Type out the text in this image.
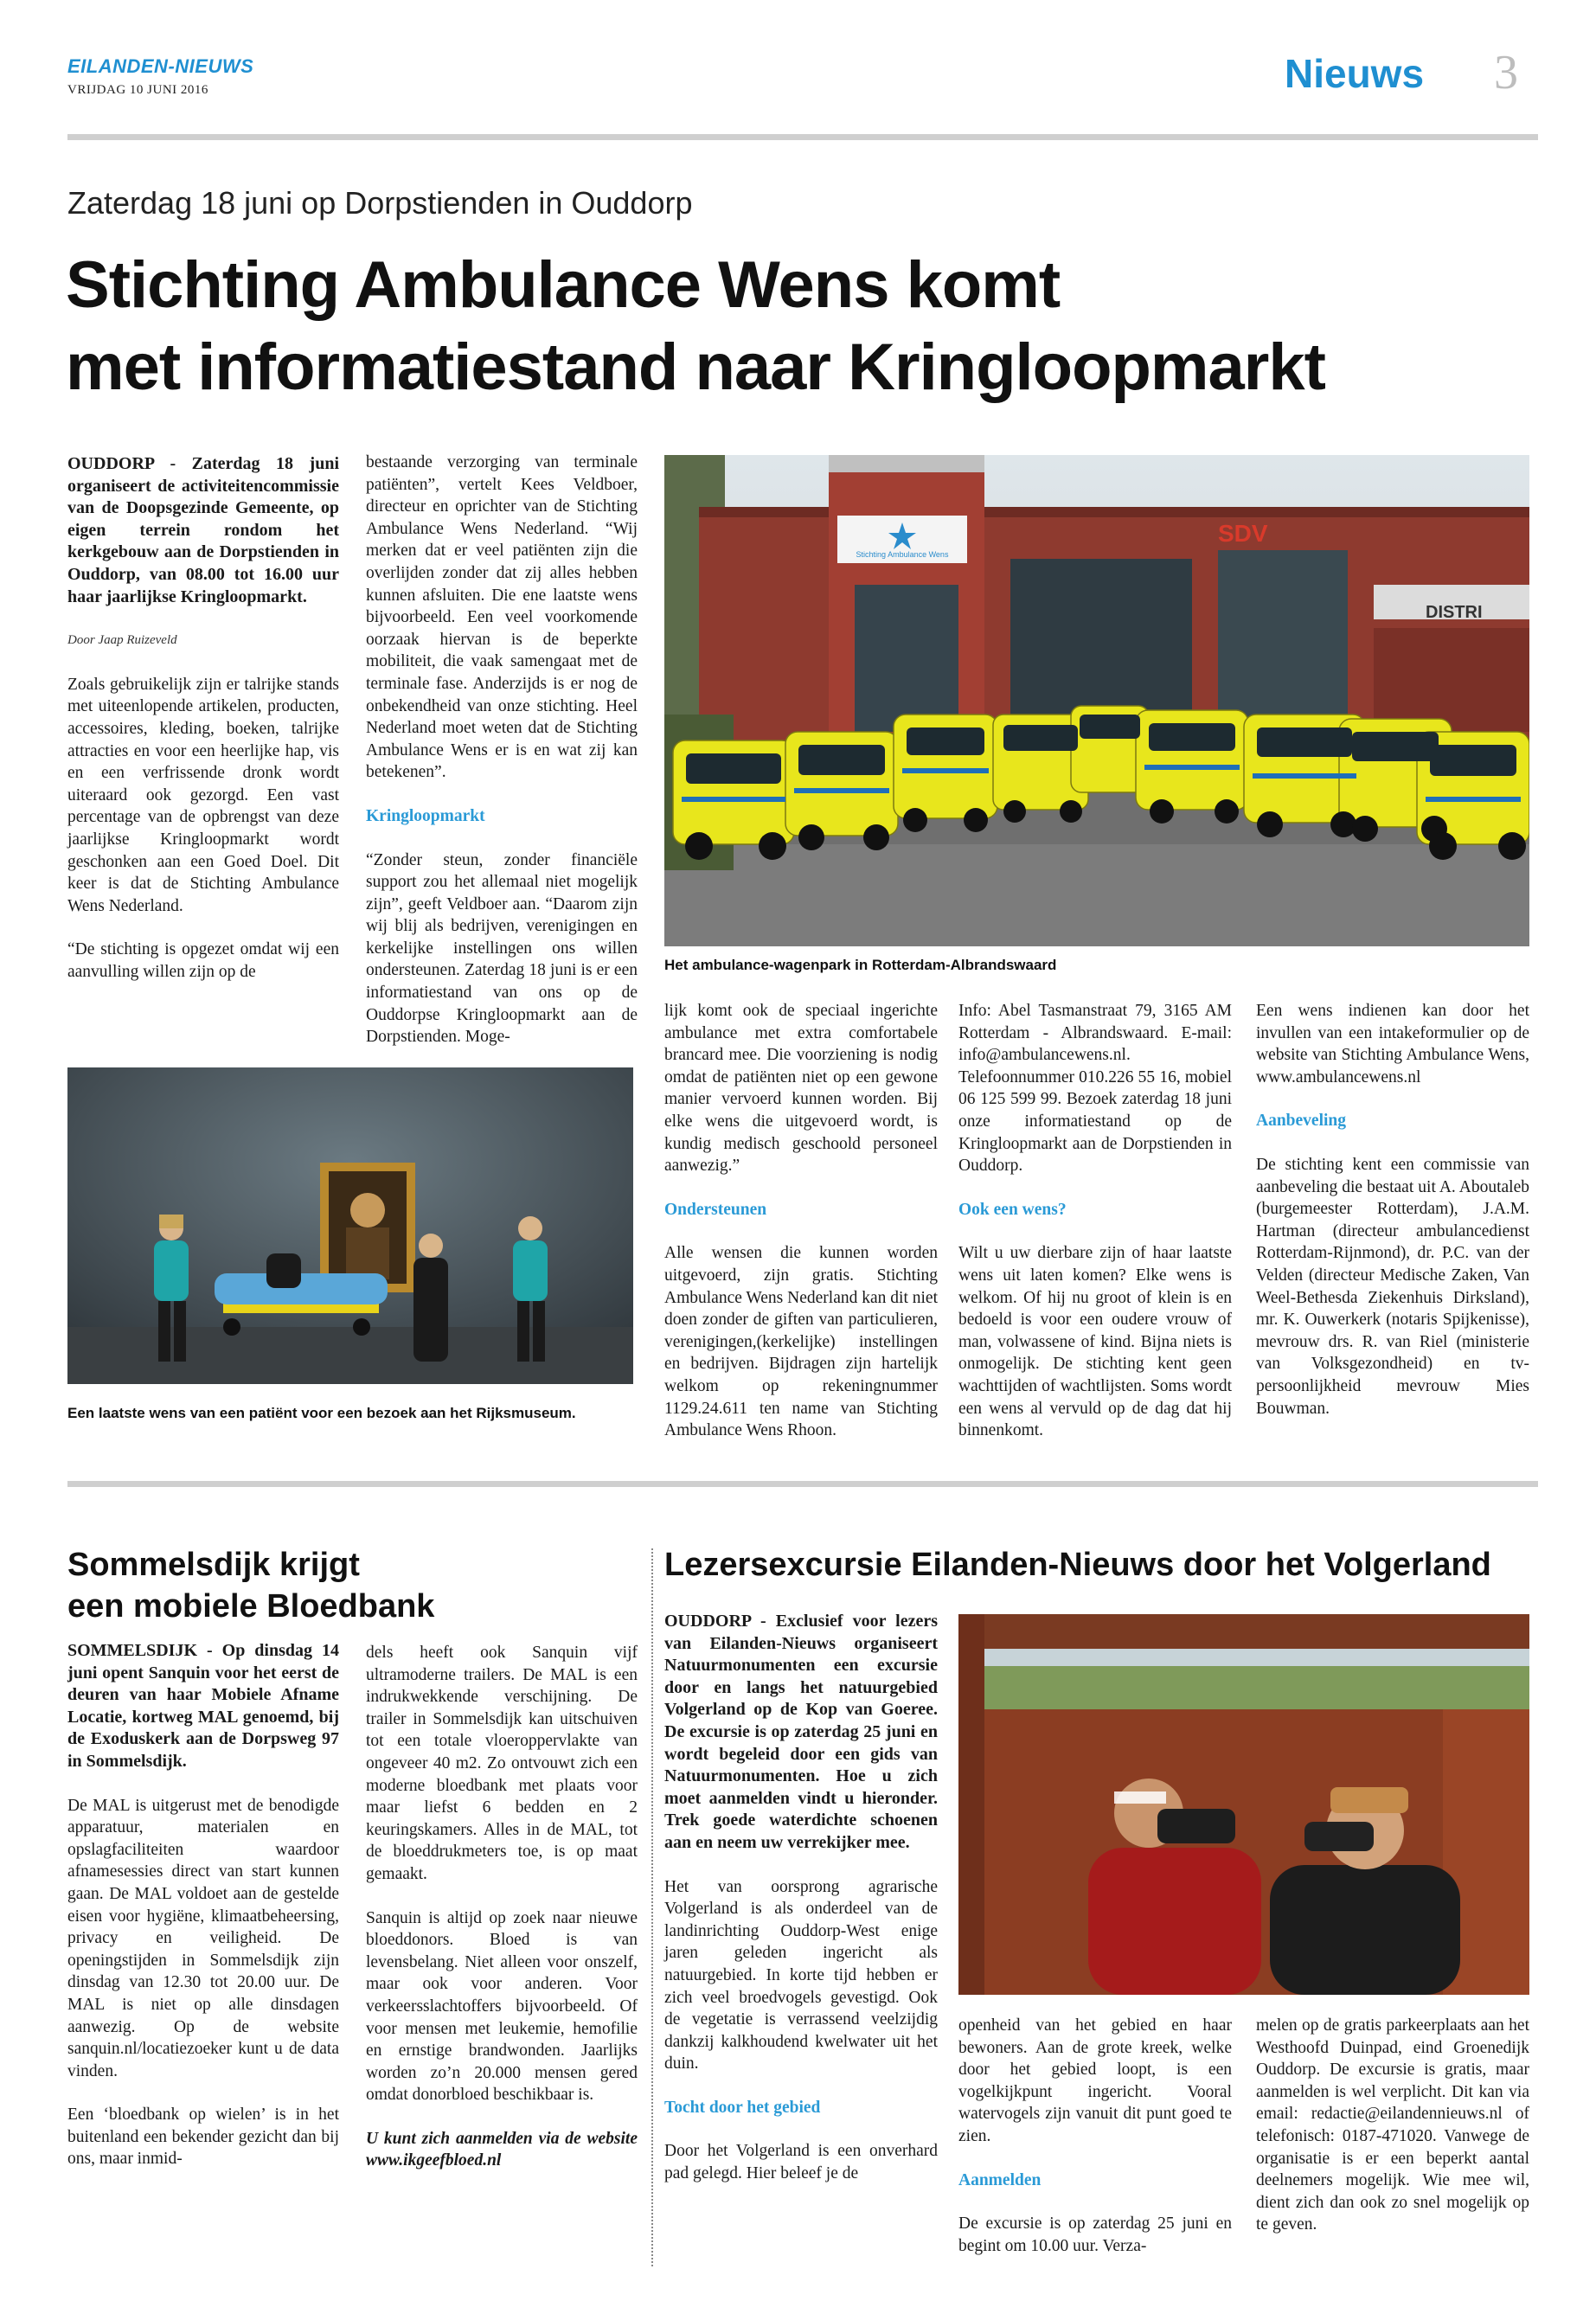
EILANDEN-NIEUWS
VRIJDAG 10 JUNI 2016	Nieuws 3
Zaterdag 18 juni op Dorpstienden in Ouddorp
Stichting Ambulance Wens komt
met informatiestand naar Kringloopmarkt

OUDDORP - Zaterdag 18 juni organiseert de activiteitencommissie van de Doopsgezinde Gemeente, op eigen terrein rondom het kerkgebouw aan de Dorpstienden in Ouddorp, van 08.00 tot 16.00 uur haar jaarlijkse Kringloopmarkt.

Door Jaap Ruizeveld

Zoals gebruikelijk zijn er talrijke stands met uiteenlopende artikelen, producten, accessoires, kleding, boeken, talrijke attracties en voor een heerlijke hap, vis en een verfrissende dronk wordt uiteraard ook gezorgd. Een vast percentage van de opbrengst van deze jaarlijkse Kringloopmarkt wordt geschonken aan een Goed Doel. Dit keer is dat de Stichting Ambulance Wens Nederland.

“De stichting is opgezet omdat wij een aanvulling willen zijn op de

bestaande verzorging van terminale patiënten”, vertelt Kees Veldboer, directeur en oprichter van de Stichting Ambulance Wens Nederland. “Wij merken dat er veel patiënten zijn die overlijden zonder dat zij alles hebben kunnen afsluiten. Die ene laatste wens bijvoorbeeld. Een veel voorkomende oorzaak hiervan is de beperkte mobiliteit, die vaak samengaat met de terminale fase. Anderzijds is er nog de onbekendheid van onze stichting. Heel Nederland moet weten dat de Stichting Ambulance Wens er is en wat zij kan betekenen”.

Kringloopmarkt

“Zonder steun, zonder financiële support zou het allemaal niet mogelijk zijn”, geeft Veldboer aan. “Daarom zijn wij blij als bedrijven, verenigingen en kerkelijke instellingen ons willen ondersteunen. Zaterdag 18 juni is er een informatiestand van ons op de Ouddorpse Kringloopmarkt aan de Dorpstienden. Moge-

Stichting Ambulance Wens
SDV
DISTRI
Het ambulance-wagenpark in Rotterdam-Albrandswaard

lijk komt ook de speciaal ingerichte ambulance met extra comfortabele brancard mee. Die voorziening is nodig omdat de patiënten niet op een gewone manier vervoerd kunnen worden. Bij elke wens die uitgevoerd wordt, is kundig medisch geschoold personeel aanwezig.”

Ondersteunen

Alle wensen die kunnen worden uitgevoerd, zijn gratis. Stichting Ambulance Wens Nederland kan dit niet doen zonder de giften van particulieren, verenigingen,(kerkelijke) instellingen en bedrijven. Bijdragen zijn hartelijk welkom op rekeningnummer 1129.24.611 ten name van Stichting Ambulance Wens Rhoon.

Info: Abel Tasmanstraat 79, 3165 AM Rotterdam - Albrandswaard. E-mail: info@ambulancewens.nl. Telefoonnummer 010.226 55 16, mobiel 06 125 599 99. Bezoek zaterdag 18 juni onze informatiestand op de Kringloopmarkt aan de Dorpstienden in Ouddorp.

Ook een wens?

Wilt u uw dierbare zijn of haar laatste wens uit laten komen? Elke wens is welkom. Of hij nu groot of klein is en bedoeld is voor een oudere vrouw of man, volwassene of kind. Bijna niets is onmogelijk. De stichting kent geen wachttijden of wachtlijsten. Soms wordt een wens al vervuld op de dag dat hij binnenkomt.

Een wens indienen kan door het invullen van een intakeformulier op de website van Stichting Ambulance Wens, www.ambulancewens.nl

Aanbeveling

De stichting kent een commissie van aanbeveling die bestaat uit A. Aboutaleb (burgemeester Rotterdam), J.A.M. Hartman (directeur ambulancedienst Rotterdam-Rijnmond), dr. P.C. van der Velden (directeur Medische Zaken, Van Weel-Bethesda Ziekenhuis Dirksland), mr. K. Ouwerkerk (notaris Spijkenisse), mevrouw drs. R. van Riel (ministerie van Volksgezondheid) en tv-persoonlijkheid mevrouw Mies Bouwman.

Een laatste wens van een patiënt voor een bezoek aan het Rijksmuseum.
Sommelsdijk krijgt
een mobiele Bloedbank

SOMMELSDIJK - Op dinsdag 14 juni opent Sanquin voor het eerst de deuren van haar Mobiele Afname Locatie, kortweg MAL genoemd, bij de Exoduskerk aan de Dorpsweg 97 in Sommelsdijk.

De MAL is uitgerust met de benodigde apparatuur, materialen en opslagfaciliteiten waardoor afnamesessies direct van start kunnen gaan. De MAL voldoet aan de gestelde eisen voor hygiëne, klimaatbeheersing, privacy en veiligheid. De openingstijden in Sommelsdijk zijn dinsdag van 12.30 tot 20.00 uur. De MAL is niet op alle dinsdagen aanwezig. Op de website sanquin.nl/locatiezoeker kunt u de data vinden.

Een ‘bloedbank op wielen’ is in het buitenland een bekender gezicht dan bij ons, maar inmid-

dels heeft ook Sanquin vijf ultramoderne trailers. De MAL is een indrukwekkende verschijning. De trailer in Sommelsdijk kan uitschuiven tot een totale vloeroppervlakte van ongeveer 40 m2. Zo ontvouwt zich een moderne bloedbank met plaats voor maar liefst 6 bedden en 2 keuringskamers. Alles in de MAL, tot de bloeddrukmeters toe, is op maat gemaakt.

Sanquin is altijd op zoek naar nieuwe bloeddonors. Bloed is van levensbelang. Niet alleen voor onszelf, maar ook voor anderen. Voor verkeersslachtoffers bijvoorbeeld. Of voor mensen met leukemie, hemofilie en ernstige brandwonden. Jaarlijks worden zo’n 20.000 mensen gered omdat donorbloed beschikbaar is.

U kunt zich aanmelden via de website www.ikgeefbloed.nl

Lezersexcursie Eilanden-Nieuws door het Volgerland

OUDDORP - Exclusief voor lezers van Eilanden-Nieuws organiseert Natuurmonumenten een excursie door en langs het natuurgebied Volgerland op de Kop van Goeree. De excursie is op zaterdag 25 juni en wordt begeleid door een gids van Natuurmonumenten. Hoe u zich moet aanmelden vindt u hieronder. Trek goede waterdichte schoenen aan en neem uw verrekijker mee.

Het van oorsprong agrarische Volgerland is als onderdeel van de landinrichting Ouddorp-West enige jaren geleden ingericht als natuurgebied. In korte tijd hebben er zich veel broedvogels gevestigd. Ook de vegetatie is verrassend veelzijdig dankzij kalkhoudend kwelwater uit het duin.

Tocht door het gebied

Door het Volgerland is een onverhard pad gelegd. Hier beleef je de

openheid van het gebied en haar bewoners. Aan de grote kreek, welke door het gebied loopt, is een vogelkijkpunt ingericht. Vooral watervogels zijn vanuit dit punt goed te zien.

Aanmelden

De excursie is op zaterdag 25 juni en begint om 10.00 uur. Verza-

melen op de gratis parkeerplaats aan het Westhoofd Duinpad, eind Groenedijk Ouddorp. De excursie is gratis, maar aanmelden is wel verplicht. Dit kan via email: redactie@eilandennieuws.nl of telefonisch: 0187-471020. Vanwege de organisatie is er een beperkt aantal deelnemers mogelijk. Wie mee wil, dient zich dan ook zo snel mogelijk op te geven.
